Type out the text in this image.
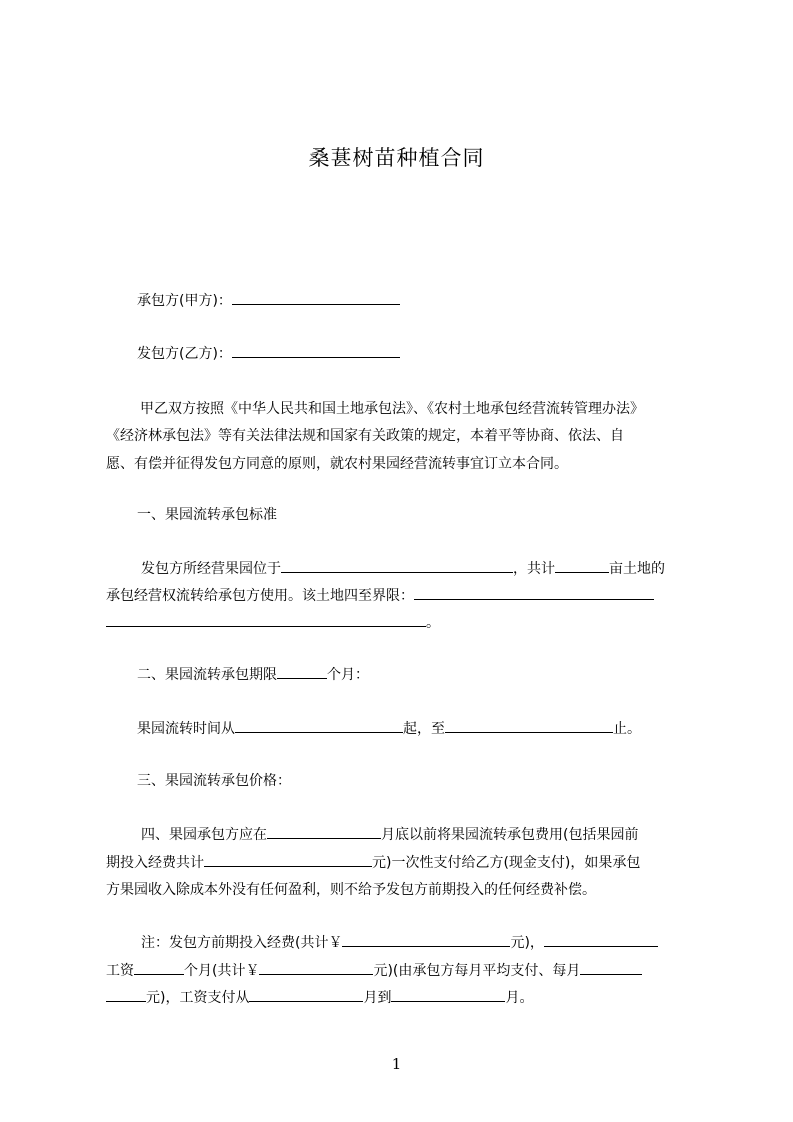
桑葚树苗种植合同
承包方(甲方)：
发包方(乙方)：
甲乙双方按照《中华人民共和国土地承包法》、《农村土地承包经营流转管理办法》
《经济林承包法》等有关法律法规和国家有关政策的规定，本着平等协商、依法、自
愿、有偿并征得发包方同意的原则，就农村果园经营流转事宜订立本合同。
一、果园流转承包标准
发包方所经营果园位于	，共计	亩土地的
承包经营权流转给承包方使用。该土地四至界限：
。
二、果园流转承包期限	个月：
果园流转时间从	起，至	止。
三、果园流转承包价格：
四、果园承包方应在	月底以前将果园流转承包费用(包括果园前
期投入经费共计	元)一次性支付给乙方(现金支付)，如果承包
方果园收入除成本外没有任何盈利，则不给予发包方前期投入的任何经费补偿。
注：发包方前期投入经费(共计￥	元)，
工资	个月(共计￥	元)(由承包方每月平均支付、每月
元)，工资支付从	月到	月。
1
